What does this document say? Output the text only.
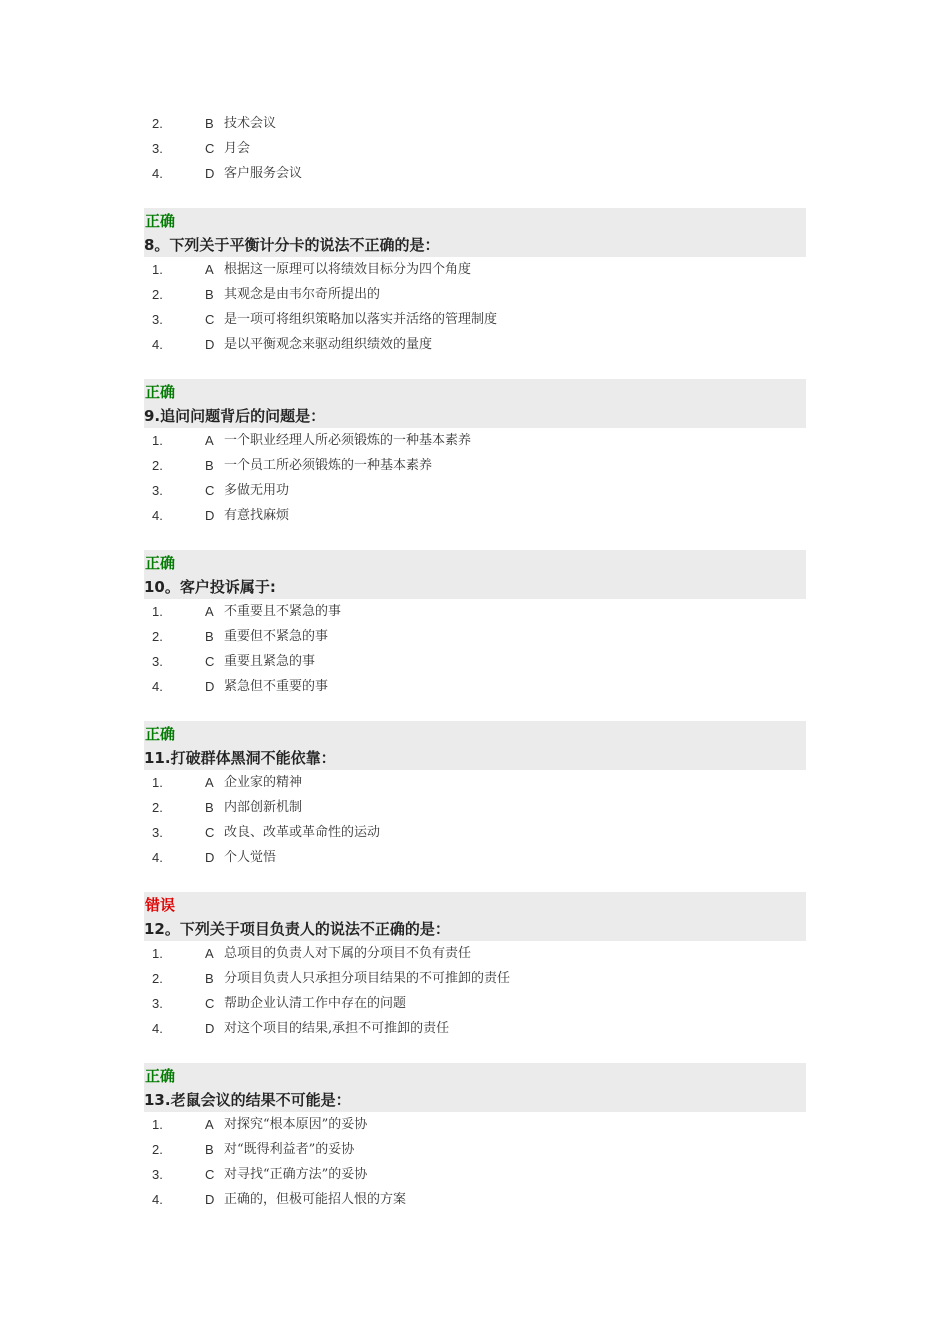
2.	B 技术会议
3.	C 月会
4.	D 客户服务会议
正确
8。下列关于平衡计分卡的说法不正确的是：
1.	A 根据这一原理可以将绩效目标分为四个角度
2.	B 其观念是由韦尔奇所提出的
3.	C 是一项可将组织策略加以落实并活络的管理制度
4.	D 是以平衡观念来驱动组织绩效的量度
正确
9.追问问题背后的问题是：
1.	A 一个职业经理人所必须锻炼的一种基本素养
2.	B 一个员工所必须锻炼的一种基本素养
3.	C 多做无用功
4.	D 有意找麻烦
正确
10。客户投诉属于:
1.	A 不重要且不紧急的事
2.	B 重要但不紧急的事
3.	C 重要且紧急的事
4.	D 紧急但不重要的事
正确
11.打破群体黑洞不能依靠：
1.	A 企业家的精神
2.	B 内部创新机制
3.	C 改良、改革或革命性的运动
4.	D 个人觉悟
错误
12。下列关于项目负责人的说法不正确的是：
1.	A 总项目的负责人对下属的分项目不负有责任
2.	B 分项目负责人只承担分项目结果的不可推卸的责任
3.	C 帮助企业认清工作中存在的问题
4.	D 对这个项目的结果,承担不可推卸的责任
正确
13.老鼠会议的结果不可能是：
1.	A 对探究“根本原因”的妥协
2.	B 对“既得利益者”的妥协
3.	C 对寻找“正确方法”的妥协
4.	D 正确的，但极可能招人恨的方案
